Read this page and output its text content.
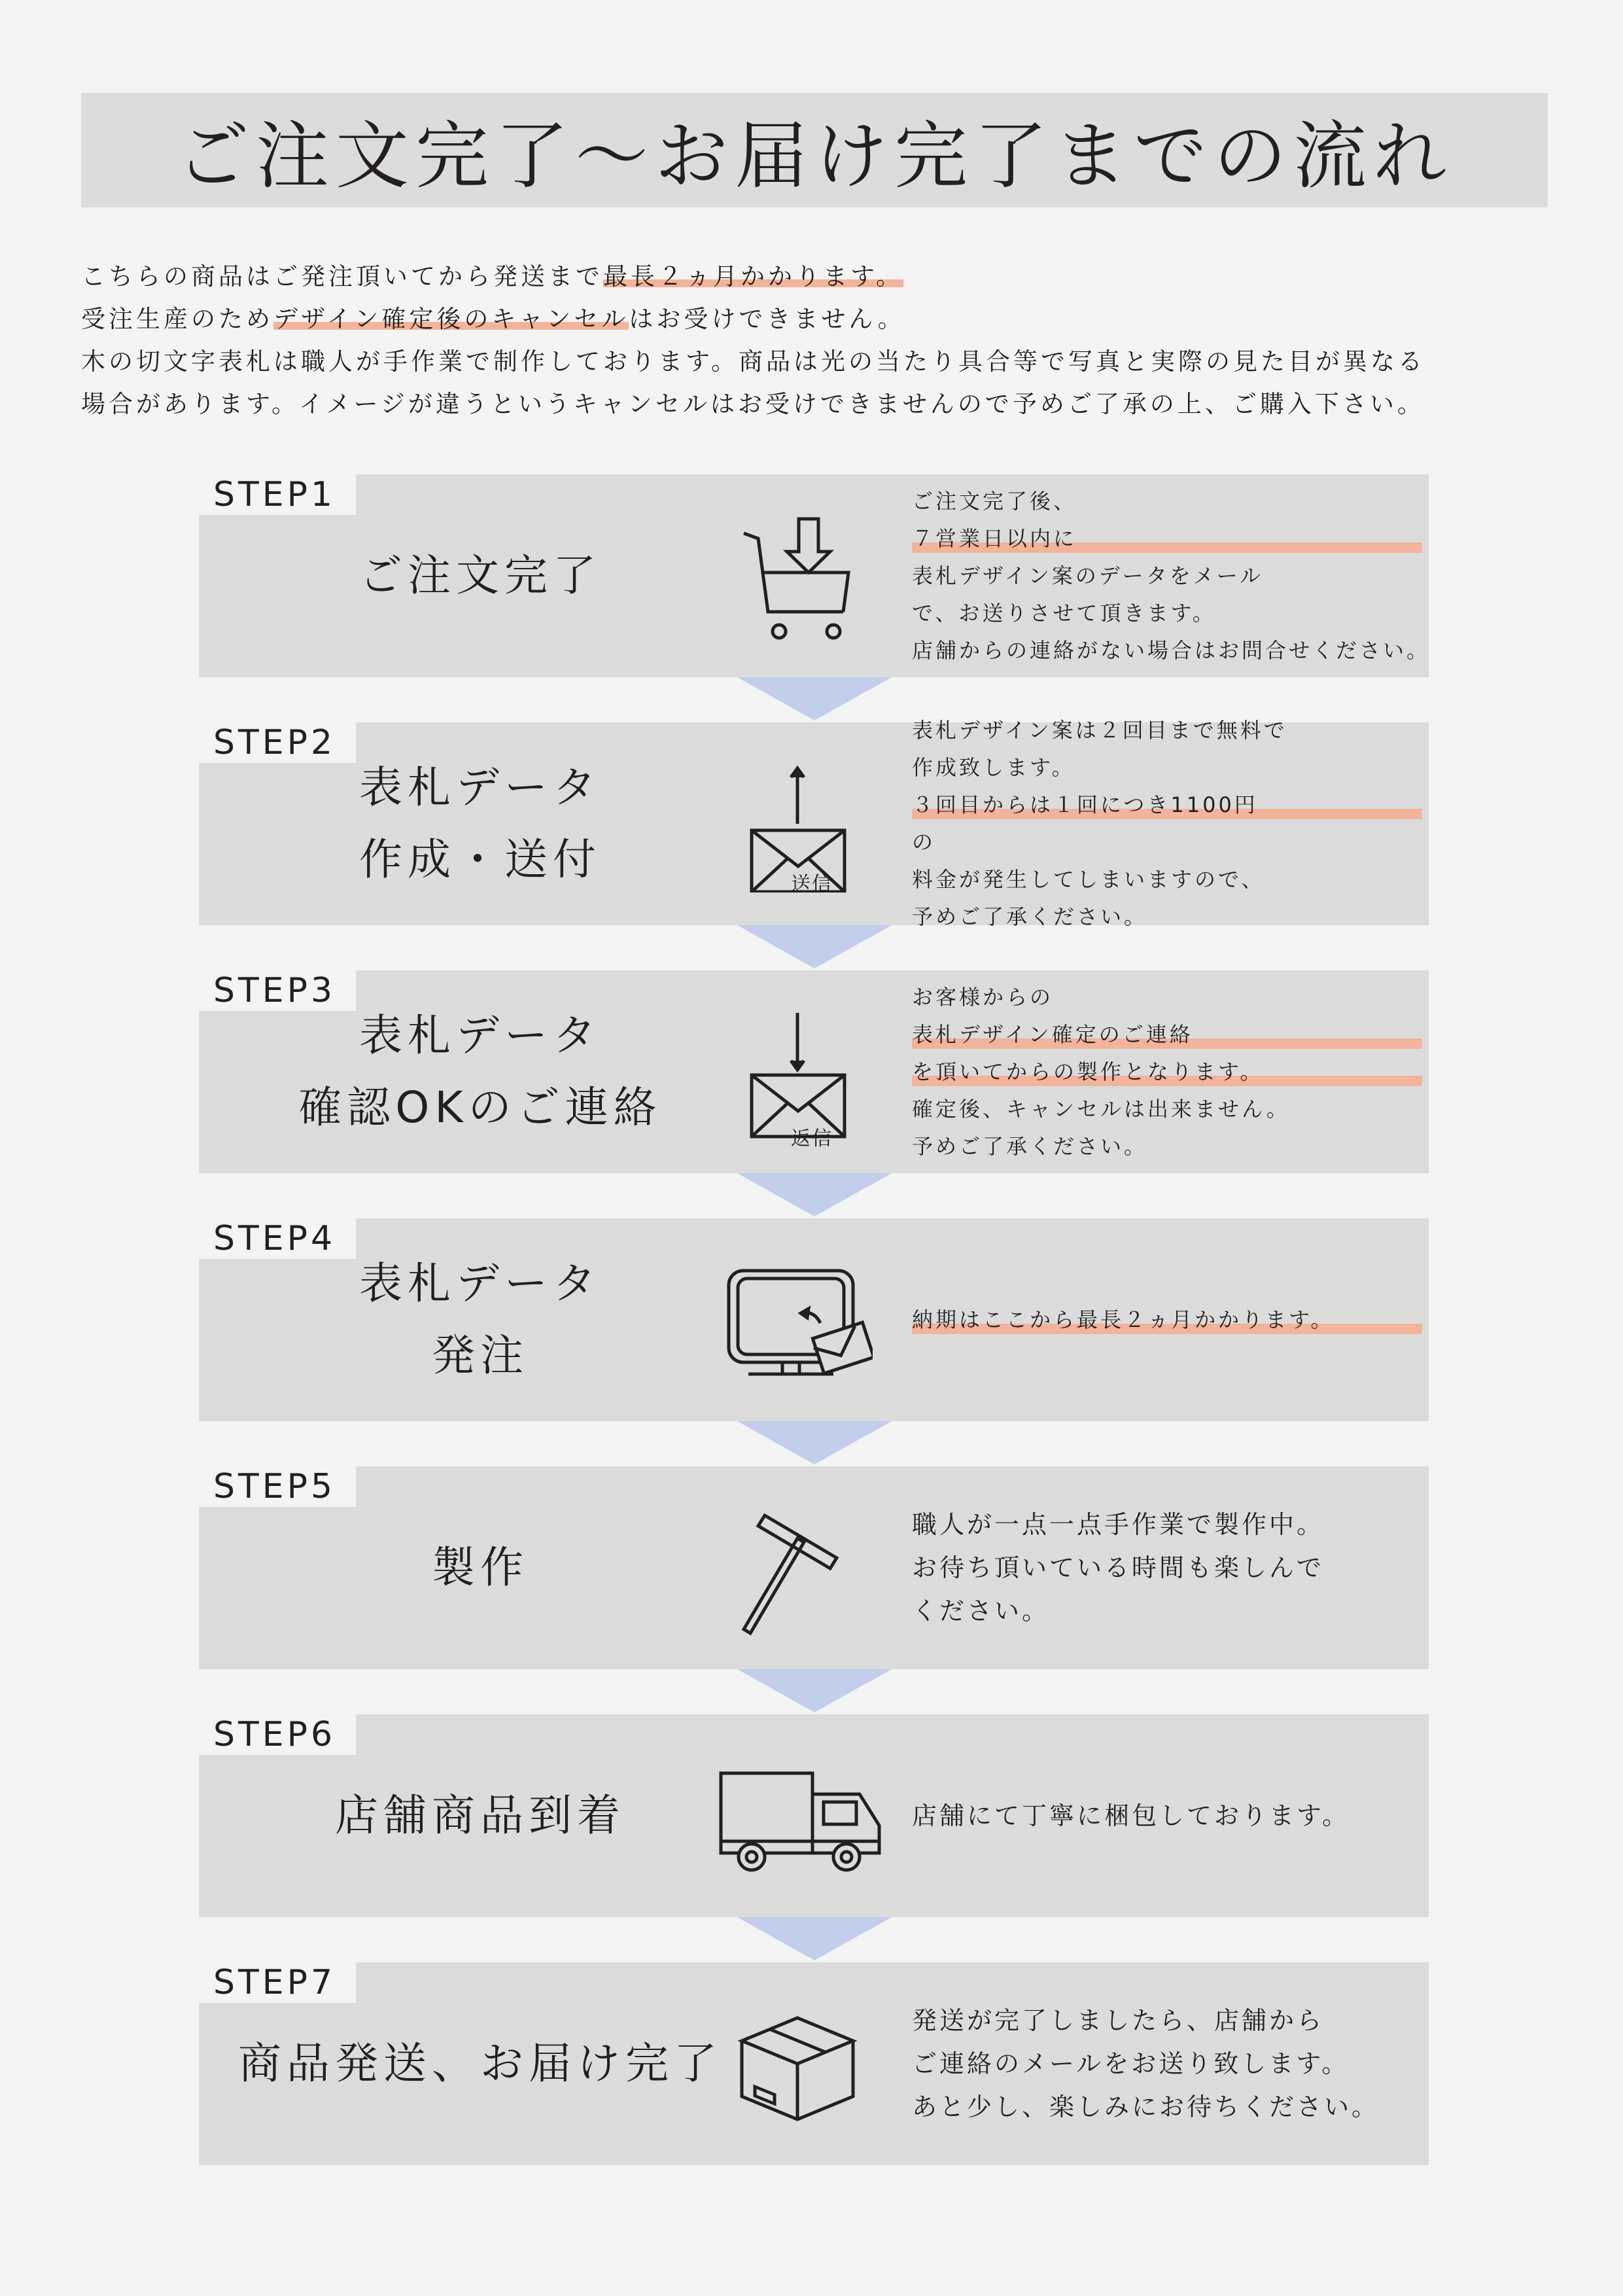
ご注文完了～お届け完了までの流れ

こちらの商品はご発注頂いてから発送まで最長２ヵ月かかります。

受注生産のためデザイン確定後のキャンセルはお受けできません。

木の切文字表札は職人が手作業で制作しております。商品は光の当たり具合等で写真と実際の見た目が異なる

場合があります。イメージが違うというキャンセルはお受けできませんので予めご了承の上、ご購入下さい。

STEP1
ご注文完了
ご注文完了後、
７営業日以内に
表札デザイン案のデータをメール
で、お送りさせて頂きます。
店舗からの連絡がない場合はお問合せください。
STEP2
表札データ
作成・送付	送信
表札デザイン案は２回目まで無料で
作成致します。
３回目からは１回につき1100円
の
料金が発生してしまいますので、
予めご了承ください。
STEP3
表札データ
確認OKのご連絡
返信
お客様からの
表札デザイン確定のご連絡
を頂いてからの製作となります。
確定後、キャンセルは出来ません。
予めご了承ください。
STEP4
表札データ
発注
納期はここから最長２ヵ月かかります。
STEP5
製作
職人が一点一点手作業で製作中。
お待ち頂いている時間も楽しんで
ください。
STEP6
店舗商品到着	店舗にて丁寧に梱包しております。
STEP7
商品発送、お届け完了
発送が完了しましたら、店舗から
ご連絡のメールをお送り致します。
あと少し、楽しみにお待ちください。
